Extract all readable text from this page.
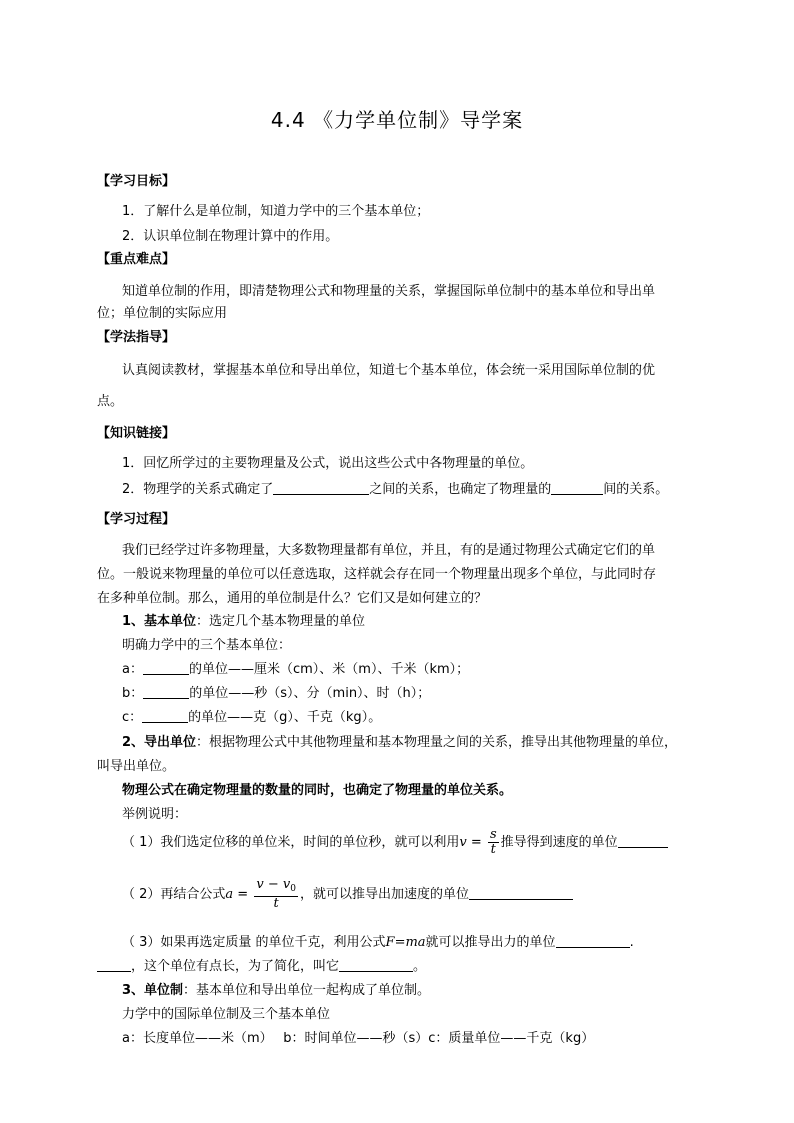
4.4 《力学单位制》导学案
【学习目标】
1．了解什么是单位制，知道力学中的三个基本单位；
2．认识单位制在物理计算中的作用。
【重点难点】
知道单位制的作用，即清楚物理公式和物理量的关系，掌握国际单位制中的基本单位和导出单
位；单位制的实际应用
【学法指导】
认真阅读教材，掌握基本单位和导出单位，知道七个基本单位，体会统一采用国际单位制的优
点。
【知识链接】
1．回忆所学过的主要物理量及公式，说出这些公式中各物理量的单位。
2．物理学的关系式确定了	之间的关系，也确定了物理量的	间的关系。
【学习过程】
我们已经学过许多物理量，大多数物理量都有单位，并且，有的是通过物理公式确定它们的单
位。一般说来物理量的单位可以任意选取，这样就会存在同一个物理量出现多个单位，与此同时存
在多种单位制。那么，通用的单位制是什么？它们又是如何建立的？
1、基本单位：选定几个基本物理量的单位
明确力学中的三个基本单位：
a：	的单位——厘米（cm）、米（m）、千米（km）；
b：	的单位——秒（s）、分（min）、时（h）；
c：	的单位——克（g）、千克（kg）。
2、导出单位：根据物理公式中其他物理量和基本物理量之间的关系，推导出其他物理量的单位，
叫导出单位。
物理公式在确定物理量的数量的同时，也确定了物理量的单位关系。
举例说明：
（ 1）我们选定位移的单位米，时间的单位秒，就可以利用$v = \frac{s}{t}$ 推导得到速度的单位
（ 2）再结合公式$a = \frac{v - v_0}{t}$ ，就可以推导出加速度的单位
（ 3）如果再选定质量 的单位千克，利用公式F=ma就可以推导出力的单位	.
，这个单位有点长，为了简化，叫它	。
3、单位制：基本单位和导出单位一起构成了单位制。
力学中的国际单位制及三个基本单位
a：长度单位——米（m）　 b：时间单位——秒（s）c：质量单位——千克（kg）
